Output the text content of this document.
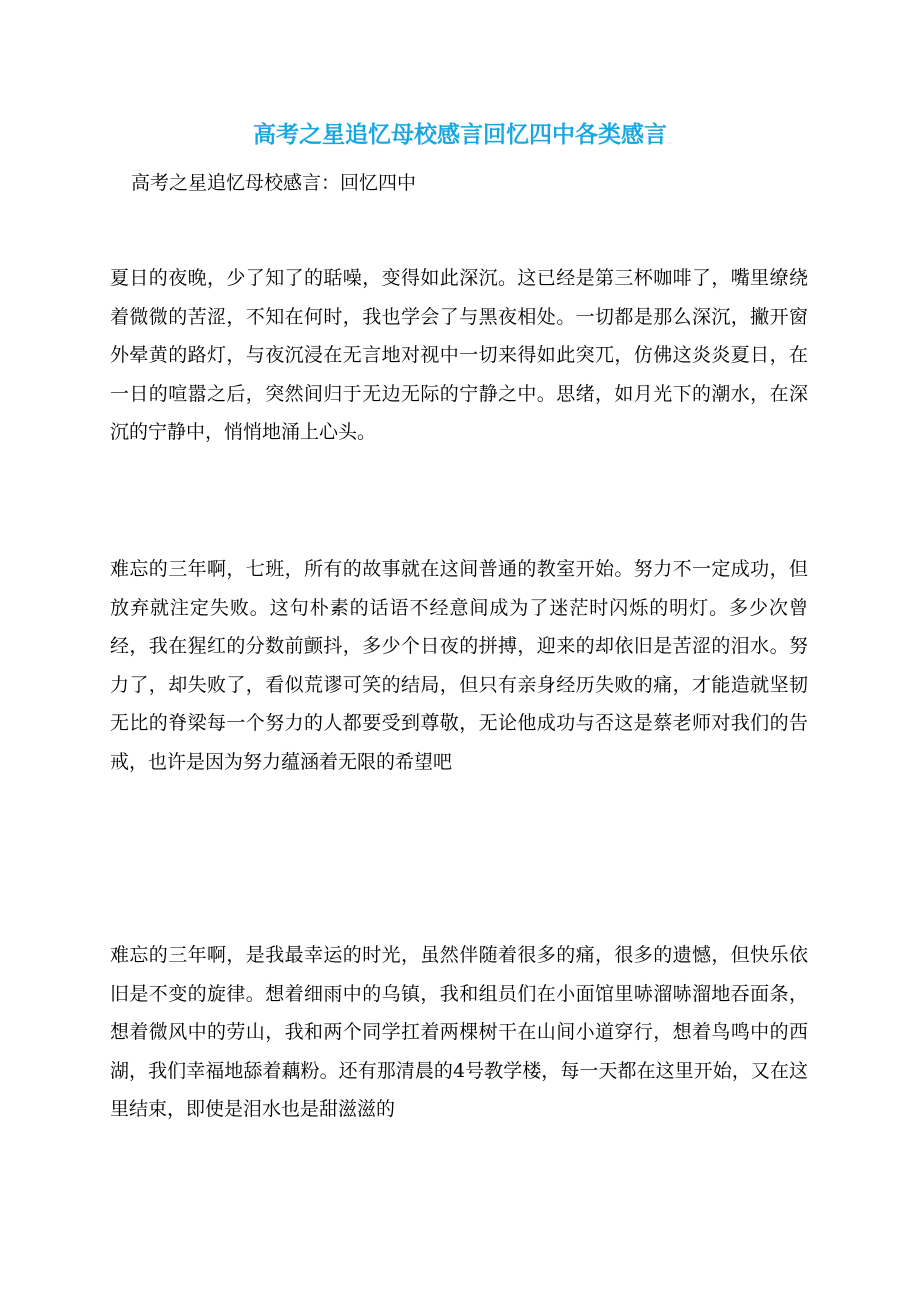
高考之星追忆母校感言回忆四中各类感言

高考之星追忆母校感言：回忆四中

夏日的夜晚，少了知了的聒噪，变得如此深沉。这已经是第三杯咖啡了，嘴里缭绕着微微的苦涩，不知在何时，我也学会了与黑夜相处。一切都是那么深沉，撇开窗外晕黄的路灯，与夜沉浸在无言地对视中一切来得如此突兀，仿佛这炎炎夏日，在一日的喧嚣之后，突然间归于无边无际的宁静之中。思绪，如月光下的潮水，在深沉的宁静中，悄悄地涌上心头。

难忘的三年啊，七班，所有的故事就在这间普通的教室开始。努力不一定成功，但放弃就注定失败。这句朴素的话语不经意间成为了迷茫时闪烁的明灯。多少次曾经，我在猩红的分数前颤抖，多少个日夜的拼搏，迎来的却依旧是苦涩的泪水。努力了，却失败了，看似荒谬可笑的结局，但只有亲身经历失败的痛，才能造就坚韧无比的脊梁每一个努力的人都要受到尊敬，无论他成功与否这是蔡老师对我们的告戒，也许是因为努力蕴涵着无限的希望吧

难忘的三年啊，是我最幸运的时光，虽然伴随着很多的痛，很多的遗憾，但快乐依旧是不变的旋律。想着细雨中的乌镇，我和组员们在小面馆里哧溜哧溜地吞面条，想着微风中的劳山，我和两个同学扛着两棵树干在山间小道穿行，想着鸟鸣中的西湖，我们幸福地舔着藕粉。还有那清晨的4号教学楼，每一天都在这里开始，又在这里结束，即使是泪水也是甜滋滋的
